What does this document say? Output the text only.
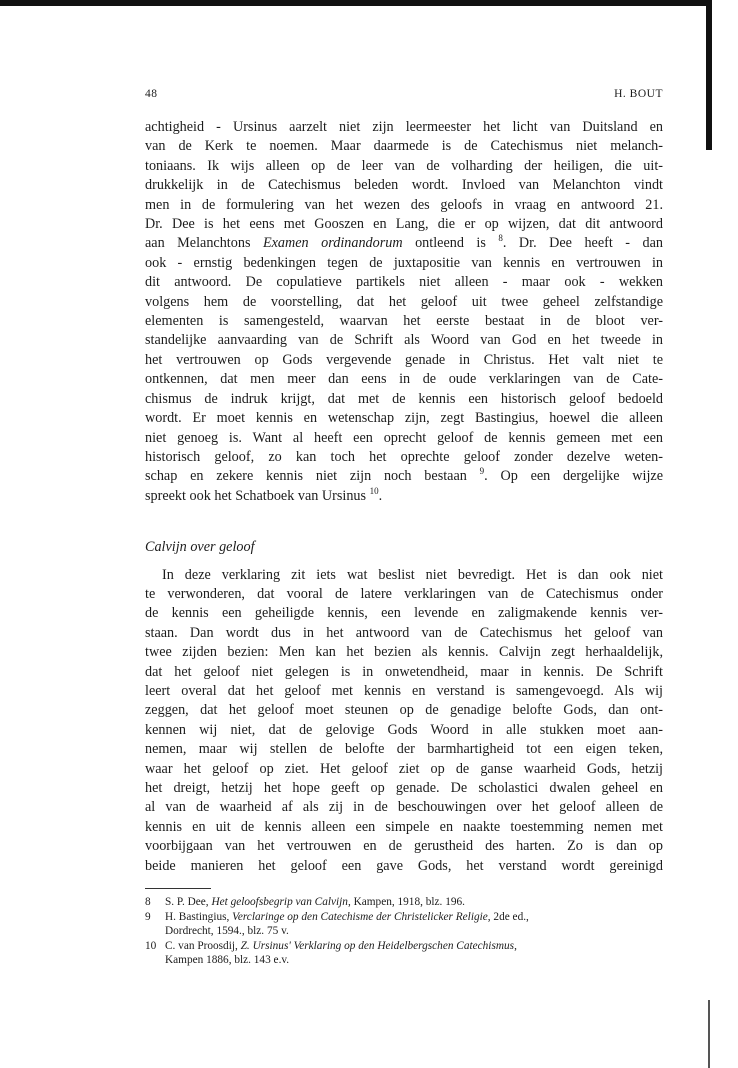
48	H. BOUT
achtigheid - Ursinus aarzelt niet zijn leermeester het licht van Duitsland en
van de Kerk te noemen. Maar daarmede is de Catechismus niet melanch-
toniaans. Ik wijs alleen op de leer van de volharding der heiligen, die uit-
drukkelijk in de Catechismus beleden wordt. Invloed van Melanchton vindt
men in de formulering van het wezen des geloofs in vraag en antwoord 21.
Dr. Dee is het eens met Gooszen en Lang, die er op wijzen, dat dit antwoord
aan Melanchtons Examen ordinandorum ontleend is $^8$. Dr. Dee heeft - dan
ook - ernstig bedenkingen tegen de juxtapositie van kennis en vertrouwen in
dit antwoord. De copulatieve partikels niet alleen - maar ook - wekken
volgens hem de voorstelling, dat het geloof uit twee geheel zelfstandige
elementen is samengesteld, waarvan het eerste bestaat in de bloot ver-
standelijke aanvaarding van de Schrift als Woord van God en het tweede in
het vertrouwen op Gods vergevende genade in Christus. Het valt niet te
ontkennen, dat men meer dan eens in de oude verklaringen van de Cate-
chismus de indruk krijgt, dat met de kennis een historisch geloof bedoeld
wordt. Er moet kennis en wetenschap zijn, zegt Bastingius, hoewel die alleen
niet genoeg is. Want al heeft een oprecht geloof de kennis gemeen met een
historisch geloof, zo kan toch het oprechte geloof zonder dezelve weten-
schap en zekere kennis niet zijn noch bestaan $^9$. Op een dergelijke wijze
spreekt ook het Schatboek van Ursinus $^{10}$.
Calvijn over geloof
In deze verklaring zit iets wat beslist niet bevredigt. Het is dan ook niet
te verwonderen, dat vooral de latere verklaringen van de Catechismus onder
de kennis een geheiligde kennis, een levende en zaligmakende kennis ver-
staan. Dan wordt dus in het antwoord van de Catechismus het geloof van
twee zijden bezien: Men kan het bezien als kennis. Calvijn zegt herhaaldelijk,
dat het geloof niet gelegen is in onwetendheid, maar in kennis. De Schrift
leert overal dat het geloof met kennis en verstand is samengevoegd. Als wij
zeggen, dat het geloof moet steunen op de genadige belofte Gods, dan ont-
kennen wij niet, dat de gelovige Gods Woord in alle stukken moet aan-
nemen, maar wij stellen de belofte der barmhartigheid tot een eigen teken,
waar het geloof op ziet. Het geloof ziet op de ganse waarheid Gods, hetzij
het dreigt, hetzij het hope geeft op genade. De scholastici dwalen geheel en
al van de waarheid af als zij in de beschouwingen over het geloof alleen de
kennis en uit de kennis alleen een simpele en naakte toestemming nemen met
voorbijgaan van het vertrouwen en de gerustheid des harten. Zo is dan op
beide manieren het geloof een gave Gods, het verstand wordt gereinigd
8	S. P. Dee, Het geloofsbegrip van Calvijn, Kampen, 1918, blz. 196.
9	H. Bastingius, Verclaringe op den Catechisme der Christelicker Religie, 2de ed.,
Dordrecht, 1594., blz. 75 v.
10 C. van Proosdij, Z. Ursinus' Verklaring op den Heidelbergschen Catechismus,
Kampen 1886, blz. 143 e.v.
